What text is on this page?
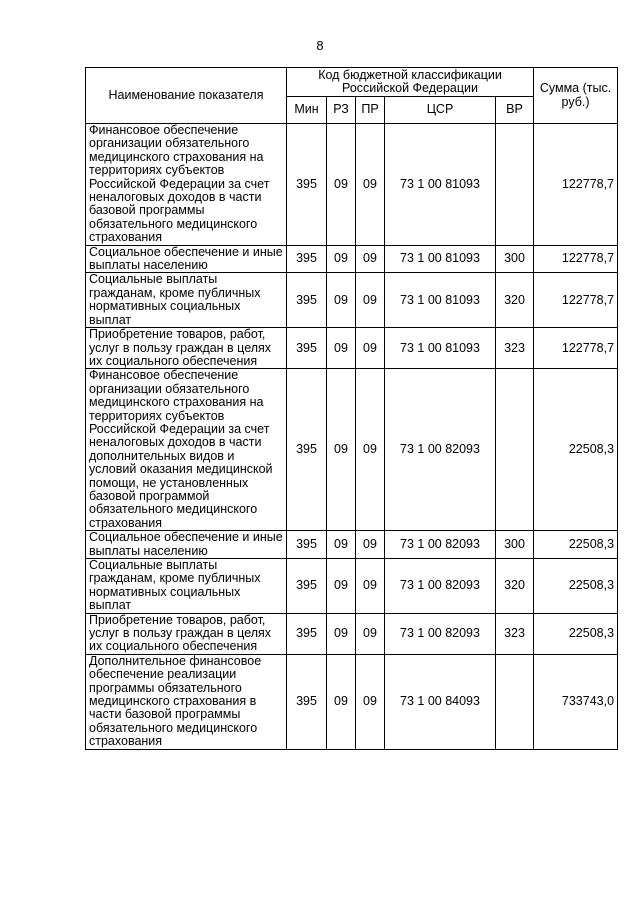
8
Наименование показателя	Код бюджетной классификации Российской Федерации					Сумма (тыс. руб.)
	Мин	РЗ	ПР	ЦСР	ВР	
Финансовое обеспечение организации обязательного медицинского страхования на территориях субъектов Российской Федерации за счет неналоговых доходов в части базовой программы обязательного медицинского страхования	395	09	09	73 1 00 81093		122778,7
Социальное обеспечение и иные выплаты населению	395	09	09	73 1 00 81093	300	122778,7
Социальные выплаты гражданам, кроме публичных нормативных социальных выплат	395	09	09	73 1 00 81093	320	122778,7
Приобретение товаров, работ, услуг в пользу граждан в целях их социального обеспечения	395	09	09	73 1 00 81093	323	122778,7
Финансовое обеспечение организации обязательного медицинского страхования на территориях субъектов Российской Федерации за счет неналоговых доходов в части дополнительных видов и условий оказания медицинской помощи, не установленных базовой программой обязательного медицинского страхования	395	09	09	73 1 00 82093		22508,3
Социальное обеспечение и иные выплаты населению	395	09	09	73 1 00 82093	300	22508,3
Социальные выплаты гражданам, кроме публичных нормативных социальных выплат	395	09	09	73 1 00 82093	320	22508,3
Приобретение товаров, работ, услуг в пользу граждан в целях их социального обеспечения	395	09	09	73 1 00 82093	323	22508,3
Дополнительное финансовое обеспечение реализации программы обязательного медицинского страхования в части базовой программы обязательного медицинского страхования	395	09	09	73 1 00 84093		733743,0
